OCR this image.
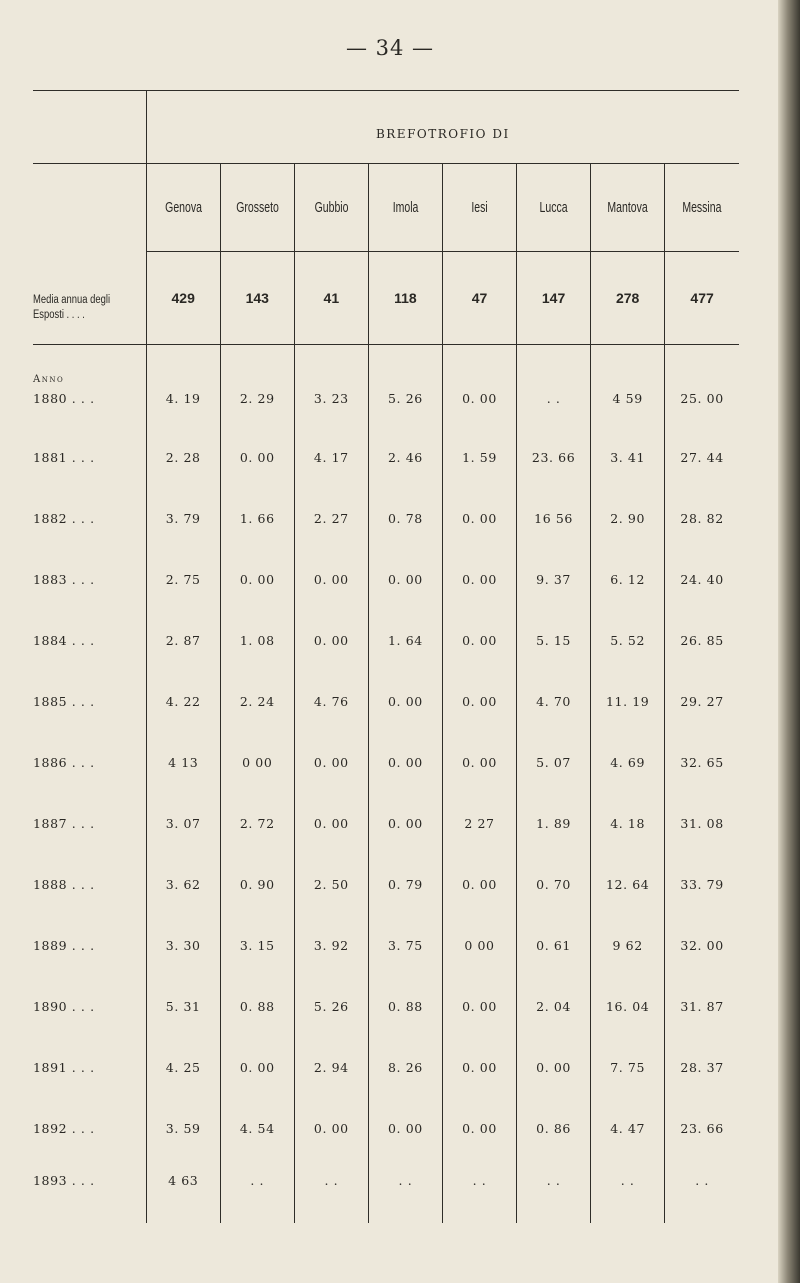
— 34 —
	BREFOTROFIO DI							

	Genova	Grosseto	Gubbio	Imola	Iesi	Lucca	Mantova	Messina

Media annua degli
Esposti . . . .	429	143	41	118	47	147	278	477
Anno								
1880 . . .	4. 19	2. 29	3. 23	5. 26	0. 00	. .	4 59	25. 00
1881 . . .	2. 28	0. 00	4. 17	2. 46	1. 59	23. 66	3. 41	27. 44
1882 . . .	3. 79	1. 66	2. 27	0. 78	0. 00	16 56	2. 90	28. 82
1883 . . .	2. 75	0. 00	0. 00	0. 00	0. 00	9. 37	6. 12	24. 40
1884 . . .	2. 87	1. 08	0. 00	1. 64	0. 00	5. 15	5. 52	26. 85
1885 . . .	4. 22	2. 24	4. 76	0. 00	0. 00	4. 70	11. 19	29. 27
1886 . . .	4 13	0 00	0. 00	0. 00	0. 00	5. 07	4. 69	32. 65
1887 . . .	3. 07	2. 72	0. 00	0. 00	2 27	1. 89	4. 18	31. 08
1888 . . .	3. 62	0. 90	2. 50	0. 79	0. 00	0. 70	12. 64	33. 79
1889 . . .	3. 30	3. 15	3. 92	3. 75	0 00	0. 61	9 62	32. 00
1890 . . .	5. 31	0. 88	5. 26	0. 88	0. 00	2. 04	16. 04	31. 87
1891 . . .	4. 25	0. 00	2. 94	8. 26	0. 00	0. 00	7. 75	28. 37
1892 . . .	3. 59	4. 54	0. 00	0. 00	0. 00	0. 86	4. 47	23. 66
1893 . . .	4 63	. .	. .	. .	. .	. .	. .	. .
